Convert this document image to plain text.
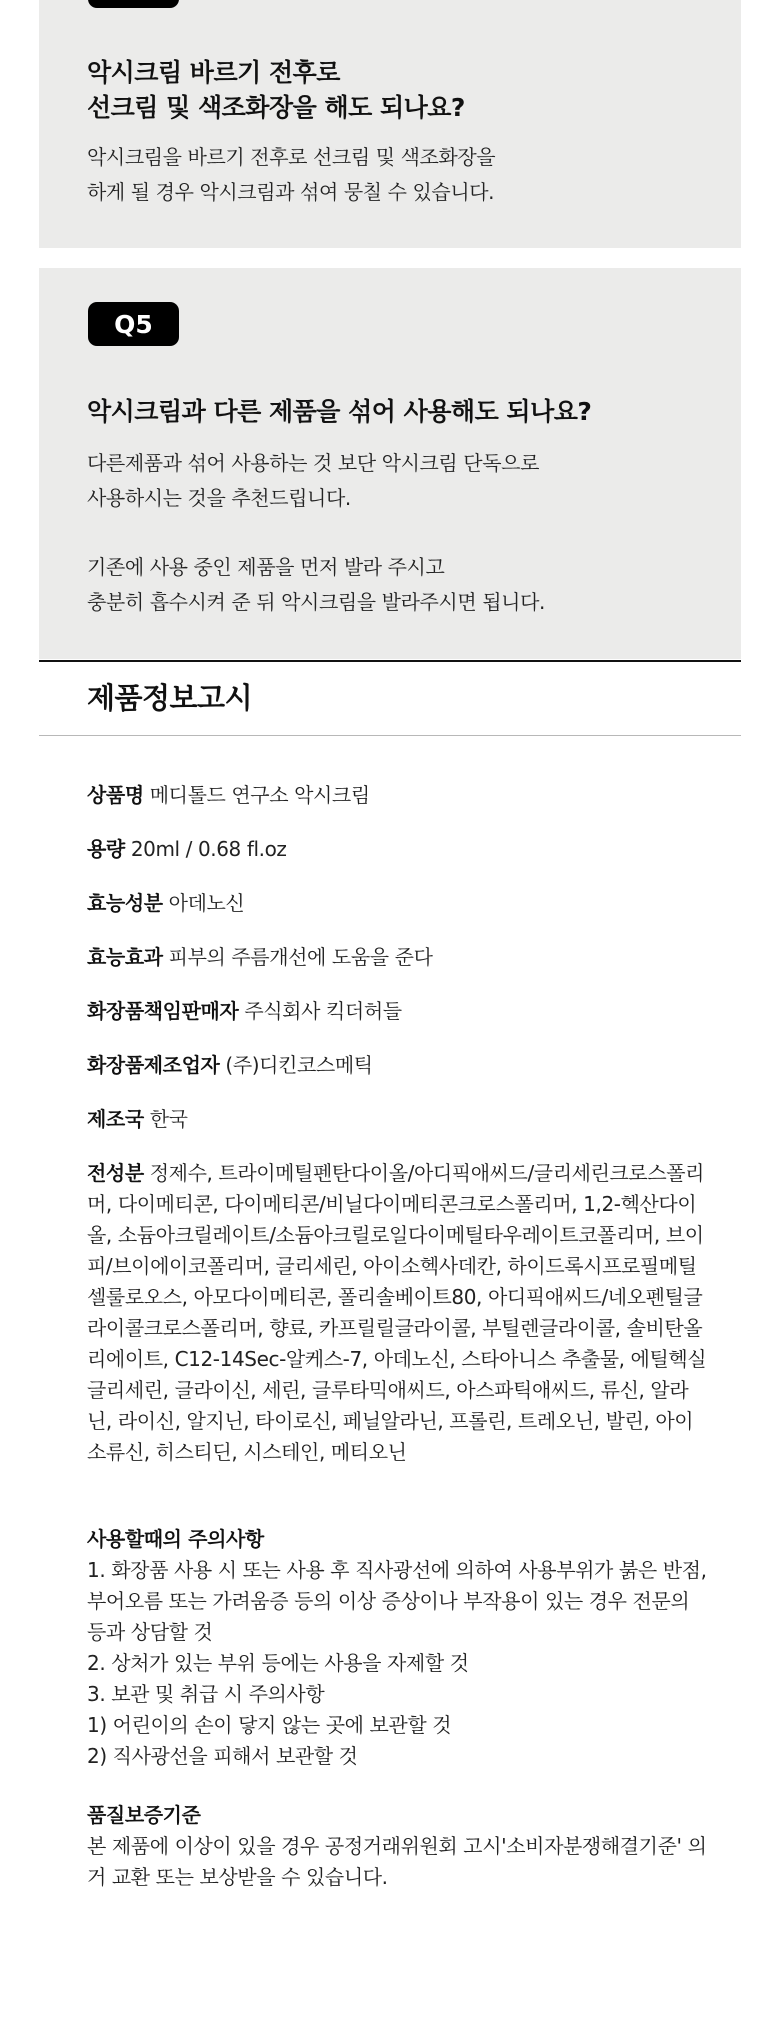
악시크림 바르기 전후로
선크림 및 색조화장을 해도 되나요?

악시크림을 바르기 전후로 선크림 및 색조화장을
하게 될 경우 악시크림과 섞여 뭉칠 수 있습니다.

Q5
악시크림과 다른 제품을 섞어 사용해도 되나요?

다른제품과 섞어 사용하는 것 보단 악시크림 단독으로
사용하시는 것을 추천드립니다.

기존에 사용 중인 제품을 먼저 발라 주시고
충분히 흡수시켜 준 뒤 악시크림을 발라주시면 됩니다.

제품정보고시

상품명 메디톨드 연구소 악시크림

용량 20ml / 0.68 fl.oz

효능성분 아데노신

효능효과 피부의 주름개선에 도움을 준다

화장품책임판매자 주식회사 킥더허들

화장품제조업자 (주)디킨코스메틱

제조국 한국

전성분 정제수, 트라이메틸펜탄다이올/아디픽애씨드/글리세린크로스폴리머, 다이메티콘, 다이메티콘/비닐다이메티콘크로스폴리머, 1,2-헥산다이올, 소듐아크릴레이트/소듐아크릴로일다이메틸타우레이트코폴리머, 브이피/브이에이코폴리머, 글리세린, 아이소헥사데칸, 하이드록시프로필메틸셀룰로오스, 아모다이메티콘, 폴리솔베이트80, 아디픽애씨드/네오펜틸글라이콜크로스폴리머, 향료, 카프릴릴글라이콜, 부틸렌글라이콜, 솔비탄올리에이트, C12-14Sec-알케스-7, 아데노신, 스타아니스 추출물, 에틸헥실글리세린, 글라이신, 세린, 글루타믹애씨드, 아스파틱애씨드, 류신, 알라닌, 라이신, 알지닌, 타이로신, 페닐알라닌, 프롤린, 트레오닌, 발린, 아이소류신, 히스티딘, 시스테인, 메티오닌

사용할때의 주의사항

1. 화장품 사용 시 또는 사용 후 직사광선에 의하여 사용부위가 붉은 반점, 부어오름 또는 가려움증 등의 이상 증상이나 부작용이 있는 경우 전문의 등과 상담할 것

2. 상처가 있는 부위 등에는 사용을 자제할 것

3. 보관 및 취급 시 주의사항

1) 어린이의 손이 닿지 않는 곳에 보관할 것

2) 직사광선을 피해서 보관할 것

품질보증기준

본 제품에 이상이 있을 경우 공정거래위원회 고시'소비자분쟁해결기준' 의거 교환 또는 보상받을 수 있습니다.
